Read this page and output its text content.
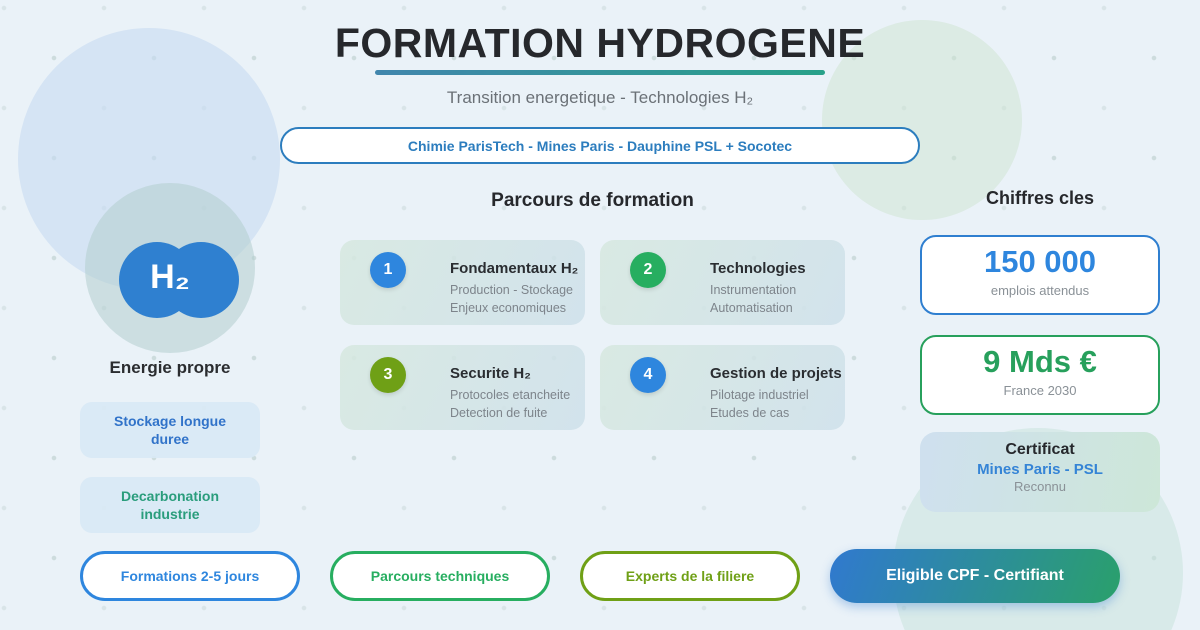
FORMATION HYDROGENE
Transition energetique - Technologies H₂
Chimie ParisTech - Mines Paris - Dauphine PSL + Socotec
H₂
Energie propre
Stockage longue duree
Decarbonation industrie
Parcours de formation
1	Fondamentaux H₂
Production - Stockage
Enjeux economiques
2	Technologies
Instrumentation
Automatisation
3	Securite H₂
Protocoles etancheite
Detection de fuite
4	Gestion de projets
Pilotage industriel
Etudes de cas
Chiffres cles
150 000
emplois attendus
9 Mds €
France 2030
Certificat
Mines Paris - PSL
Reconnu
Formations 2-5 jours	Parcours techniques	Experts de la filiere	Eligible CPF - Certifiant
